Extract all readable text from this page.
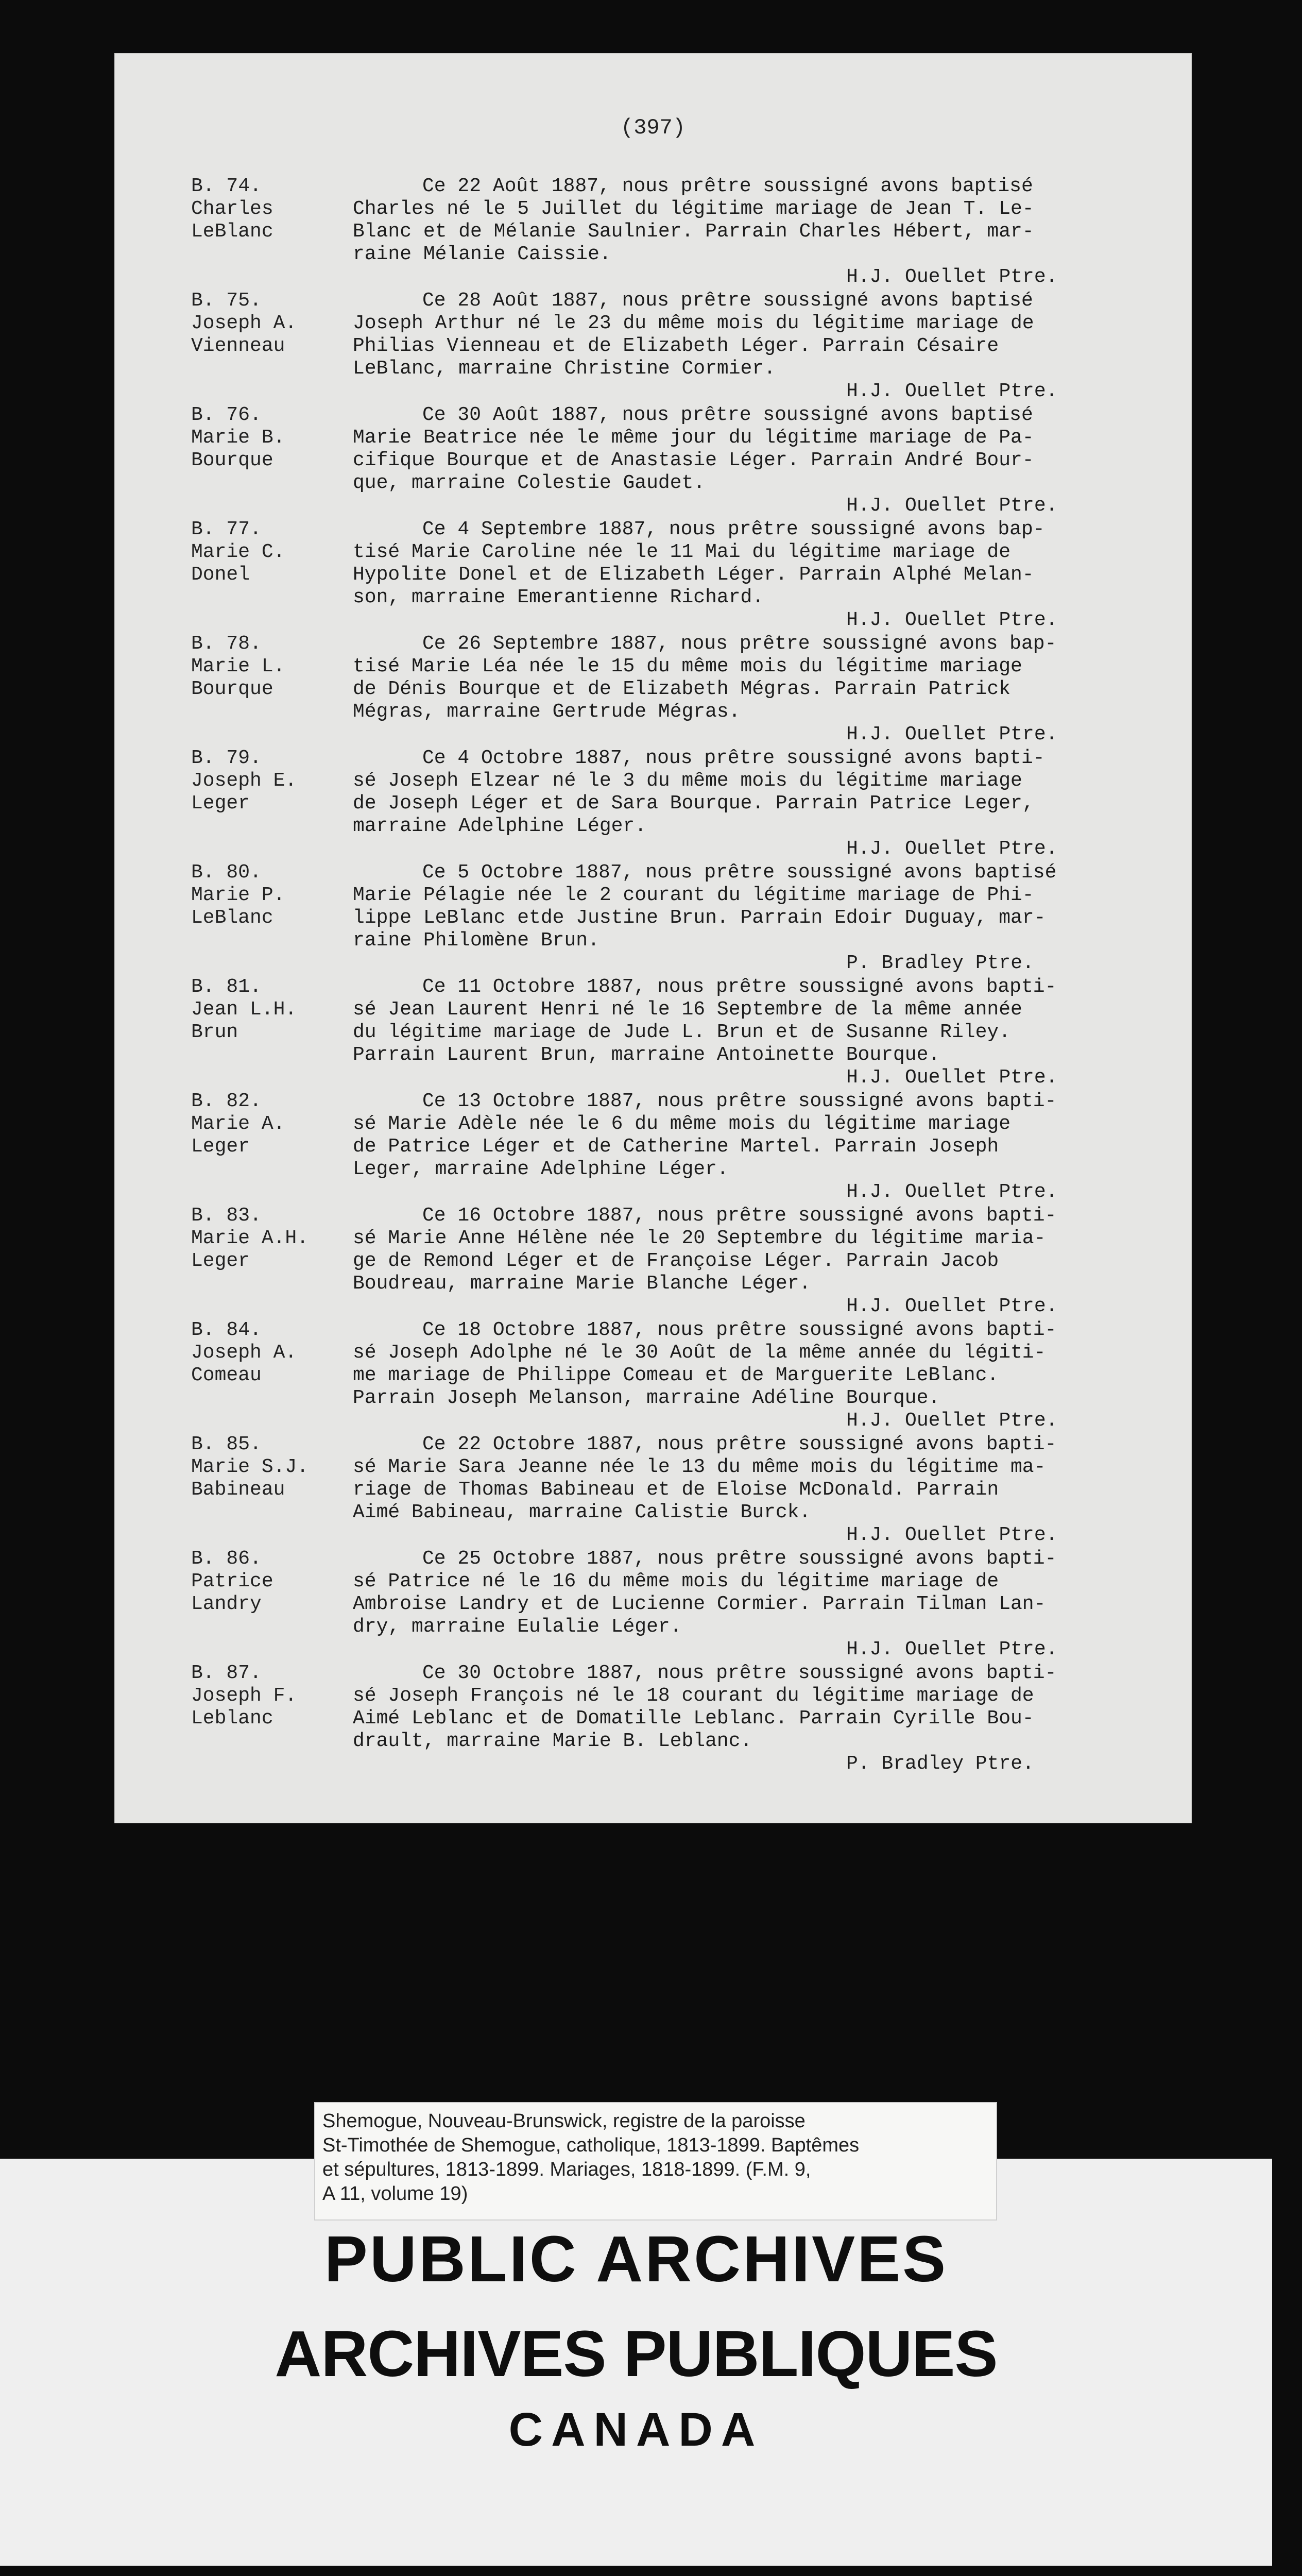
(397)
B. 74.
Charles
LeBlanc
Ce 22 Août 1887, nous prêtre soussigné avons baptisé
Charles né le 5 Juillet du légitime mariage de Jean T. Le-
Blanc et de Mélanie Saulnier. Parrain Charles Hébert, mar-
raine Mélanie Caissie.
H.J. Ouellet Ptre.
B. 75.
Joseph A.
Vienneau
Ce 28 Août 1887, nous prêtre soussigné avons baptisé
Joseph Arthur né le 23 du même mois du légitime mariage de
Philias Vienneau et de Elizabeth Léger. Parrain Césaire
LeBlanc, marraine Christine Cormier.
H.J. Ouellet Ptre.
B. 76.
Marie B.
Bourque
Ce 30 Août 1887, nous prêtre soussigné avons baptisé
Marie Beatrice née le même jour du légitime mariage de Pa-
cifique Bourque et de Anastasie Léger. Parrain André Bour-
que, marraine Colestie Gaudet.
H.J. Ouellet Ptre.
B. 77.
Marie C.
Donel
Ce 4 Septembre 1887, nous prêtre soussigné avons bap-
tisé Marie Caroline née le 11 Mai du légitime mariage de
Hypolite Donel et de Elizabeth Léger. Parrain Alphé Melan-
son, marraine Emerantienne Richard.
H.J. Ouellet Ptre.
B. 78.
Marie L.
Bourque
Ce 26 Septembre 1887, nous prêtre soussigné avons bap-
tisé Marie Léa née le 15 du même mois du légitime mariage
de Dénis Bourque et de Elizabeth Mégras. Parrain Patrick
Mégras, marraine Gertrude Mégras.
H.J. Ouellet Ptre.
B. 79.
Joseph E.
Leger
Ce 4 Octobre 1887, nous prêtre soussigné avons bapti-
sé Joseph Elzear né le 3 du même mois du légitime mariage
de Joseph Léger et de Sara Bourque. Parrain Patrice Leger,
marraine Adelphine Léger.
H.J. Ouellet Ptre.
B. 80.
Marie P.
LeBlanc
Ce 5 Octobre 1887, nous prêtre soussigné avons baptisé
Marie Pélagie née le 2 courant du légitime mariage de Phi-
lippe LeBlanc etde Justine Brun. Parrain Edoir Duguay, mar-
raine Philomène Brun.
P. Bradley Ptre.
B. 81.
Jean L.H.
Brun
Ce 11 Octobre 1887, nous prêtre soussigné avons bapti-
sé Jean Laurent Henri né le 16 Septembre de la même année
du légitime mariage de Jude L. Brun et de Susanne Riley.
Parrain Laurent Brun, marraine Antoinette Bourque.
H.J. Ouellet Ptre.
B. 82.
Marie A.
Leger
Ce 13 Octobre 1887, nous prêtre soussigné avons bapti-
sé Marie Adèle née le 6 du même mois du légitime mariage
de Patrice Léger et de Catherine Martel. Parrain Joseph
Leger, marraine Adelphine Léger.
H.J. Ouellet Ptre.
B. 83.
Marie A.H.
Leger
Ce 16 Octobre 1887, nous prêtre soussigné avons bapti-
sé Marie Anne Hélène née le 20 Septembre du légitime maria-
ge de Remond Léger et de Françoise Léger. Parrain Jacob
Boudreau, marraine Marie Blanche Léger.
H.J. Ouellet Ptre.
B. 84.
Joseph A.
Comeau
Ce 18 Octobre 1887, nous prêtre soussigné avons bapti-
sé Joseph Adolphe né le 30 Août de la même année du légiti-
me mariage de Philippe Comeau et de Marguerite LeBlanc.
Parrain Joseph Melanson, marraine Adéline Bourque.
H.J. Ouellet Ptre.
B. 85.
Marie S.J.
Babineau
Ce 22 Octobre 1887, nous prêtre soussigné avons bapti-
sé Marie Sara Jeanne née le 13 du même mois du légitime ma-
riage de Thomas Babineau et de Eloise McDonald. Parrain
Aimé Babineau, marraine Calistie Burck.
H.J. Ouellet Ptre.
B. 86.
Patrice
Landry
Ce 25 Octobre 1887, nous prêtre soussigné avons bapti-
sé Patrice né le 16 du même mois du légitime mariage de
Ambroise Landry et de Lucienne Cormier. Parrain Tilman Lan-
dry, marraine Eulalie Léger.
H.J. Ouellet Ptre.
B. 87.
Joseph F.
Leblanc
Ce 30 Octobre 1887, nous prêtre soussigné avons bapti-
sé Joseph François né le 18 courant du légitime mariage de
Aimé Leblanc et de Domatille Leblanc. Parrain Cyrille Bou-
drault, marraine Marie B. Leblanc.
P. Bradley Ptre.
Shemogue, Nouveau-Brunswick, registre de la paroisse
St-Timothée de Shemogue, catholique, 1813-1899. Baptêmes
et sépultures, 1813-1899. Mariages, 1818-1899. (F.M. 9,
A 11, volume 19)
PUBLIC ARCHIVES
ARCHIVES PUBLIQUES
CANADA
